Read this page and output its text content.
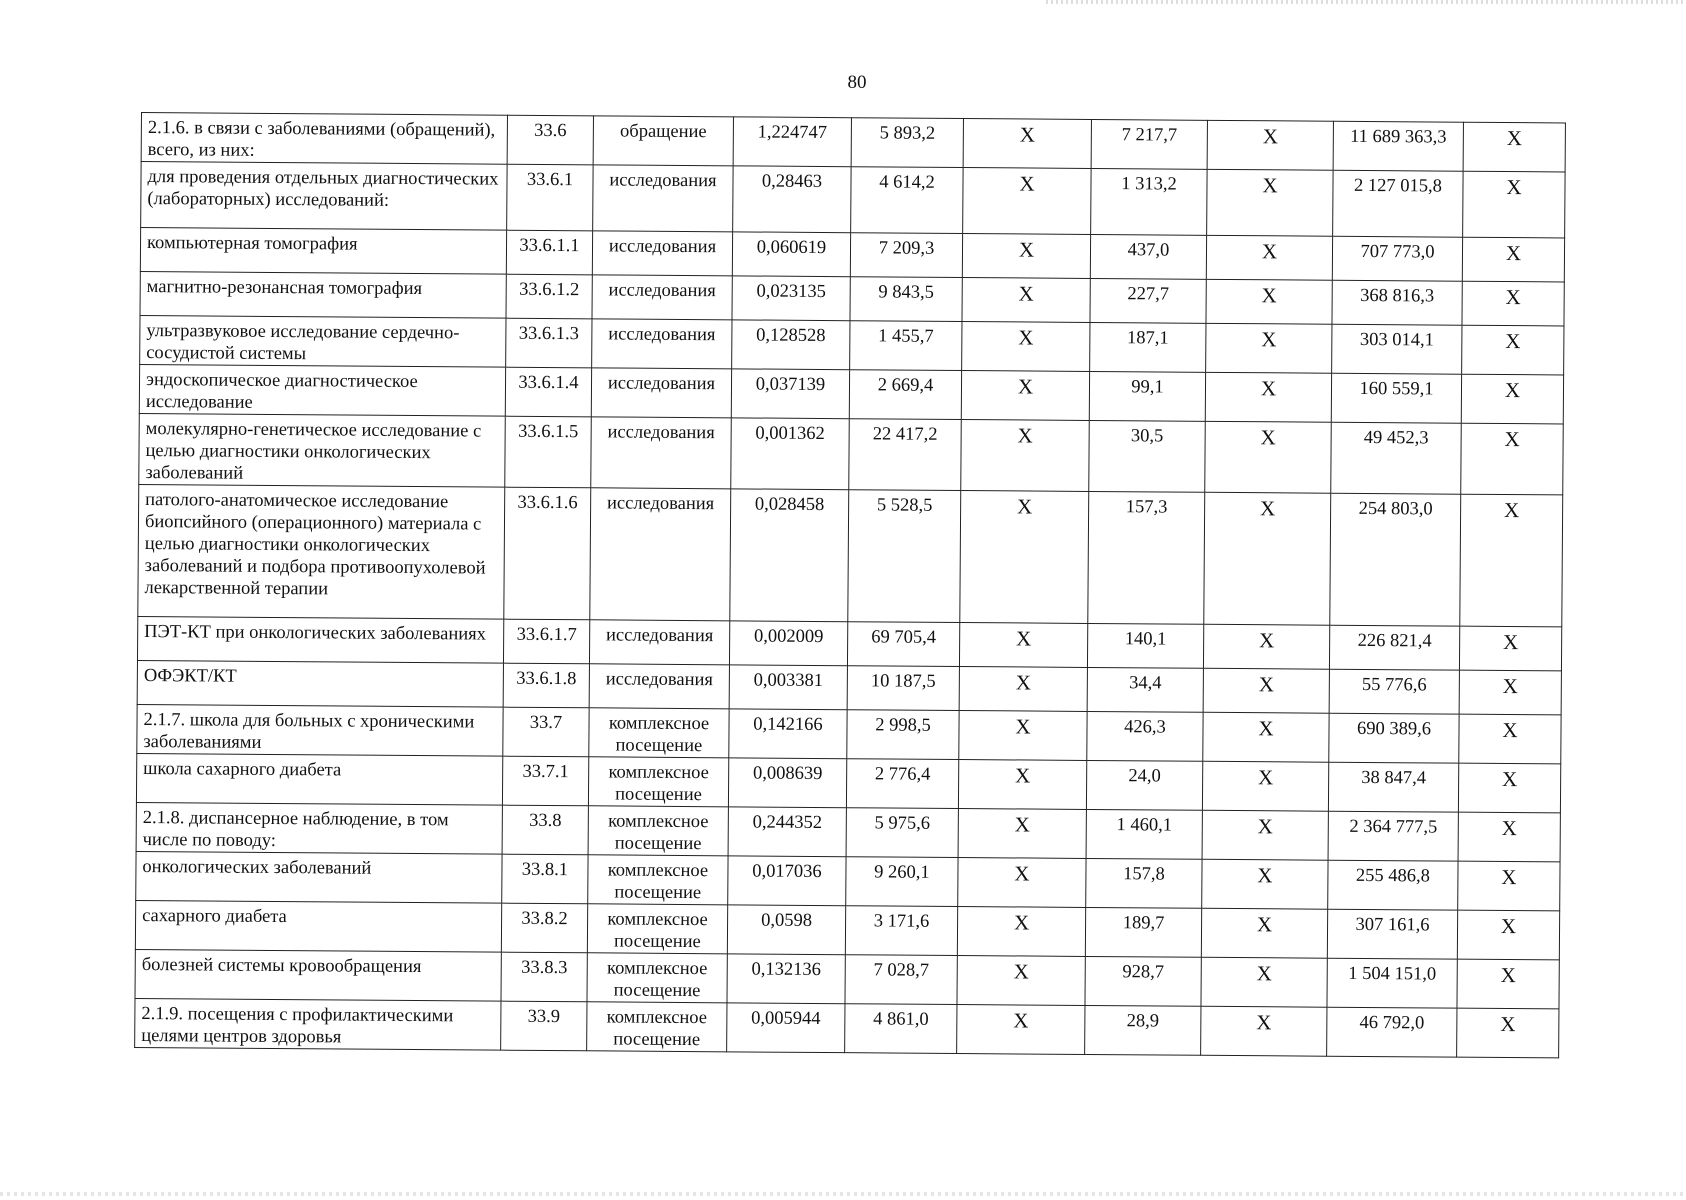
80
2.1.6. в связи с заболеваниями (обращений), всего, из них:	33.6	обращение	1,224747	5 893,2	X	7 217,7	X	11 689 363,3	X
для проведения отдельных диагностических (лабораторных) исследований:	33.6.1	исследования	0,28463	4 614,2	X	1 313,2	X	2 127 015,8	X
компьютерная томография	33.6.1.1	исследования	0,060619	7 209,3	X	437,0	X	707 773,0	X
магнитно-резонансная томография	33.6.1.2	исследования	0,023135	9 843,5	X	227,7	X	368 816,3	X
ультразвуковое исследование сердечно-сосудистой системы	33.6.1.3	исследования	0,128528	1 455,7	X	187,1	X	303 014,1	X
эндоскопическое диагностическое исследование	33.6.1.4	исследования	0,037139	2 669,4	X	99,1	X	160 559,1	X
молекулярно-генетическое исследование с целью диагностики онкологических заболеваний	33.6.1.5	исследования	0,001362	22 417,2	X	30,5	X	49 452,3	X
патолого-анатомическое исследование биопсийного (операционного) материала с целью диагностики онкологических заболеваний и подбора противоопухолевой лекарственной терапии	33.6.1.6	исследования	0,028458	5 528,5	X	157,3	X	254 803,0	X
ПЭТ-КТ при онкологических заболеваниях	33.6.1.7	исследования	0,002009	69 705,4	X	140,1	X	226 821,4	X
ОФЭКТ/КТ	33.6.1.8	исследования	0,003381	10 187,5	X	34,4	X	55 776,6	X
2.1.7. школа для больных с хроническими заболеваниями	33.7	комплексное посещение	0,142166	2 998,5	X	426,3	X	690 389,6	X
школа сахарного диабета	33.7.1	комплексное посещение	0,008639	2 776,4	X	24,0	X	38 847,4	X
2.1.8. диспансерное наблюдение, в том числе по поводу:	33.8	комплексное посещение	0,244352	5 975,6	X	1 460,1	X	2 364 777,5	X
онкологических заболеваний	33.8.1	комплексное посещение	0,017036	9 260,1	X	157,8	X	255 486,8	X
сахарного диабета	33.8.2	комплексное посещение	0,0598	3 171,6	X	189,7	X	307 161,6	X
болезней системы кровообращения	33.8.3	комплексное посещение	0,132136	7 028,7	X	928,7	X	1 504 151,0	X
2.1.9. посещения с профилактическими целями центров здоровья	33.9	комплексное посещение	0,005944	4 861,0	X	28,9	X	46 792,0	X
